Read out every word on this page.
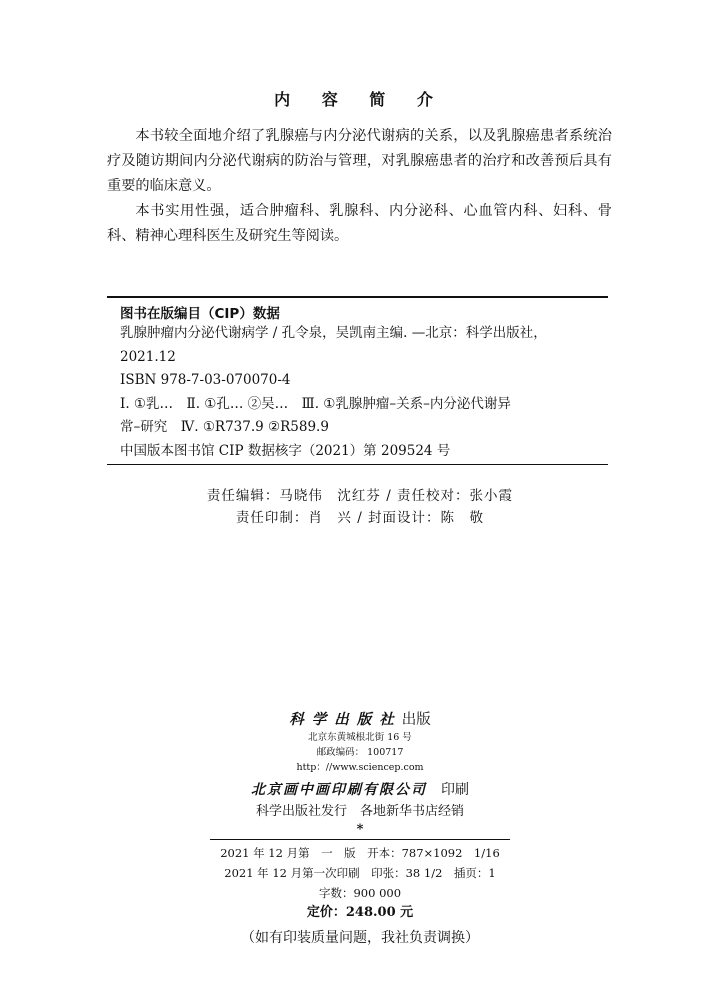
内 容 简 介

本书较全面地介绍了乳腺癌与内分泌代谢病的关系，以及乳腺癌患者系统治疗及随访期间内分泌代谢病的防治与管理，对乳腺癌患者的治疗和改善预后具有重要的临床意义。

本书实用性强，适合肿瘤科、乳腺科、内分泌科、心血管内科、妇科、骨科、精神心理科医生及研究生等阅读。

图书在版编目（CIP）数据
乳腺肿瘤内分泌代谢病学 / 孔令泉，吴凯南主编. —北京：科学出版社，
2021.12
ISBN 978-7-03-070070-4
Ⅰ. ①乳…　Ⅱ. ①孔… ②吴…　Ⅲ. ①乳腺肿瘤–关系–内分泌代谢异
常–研究　Ⅳ. ①R737.9 ②R589.9
中国版本图书馆 CIP 数据核字（2021）第 209524 号
责任编辑：马晓伟　沈红芬 / 责任校对：张小霞
责任印制：肖　兴 / 封面设计：陈　敬
科学出版社出版
北京东黄城根北街 16 号
邮政编码： 100717
http：//www.sciencep.com
北京画中画印刷有限公司 印刷
科学出版社发行　各地新华书店经销
*
2021 年 12 月第　一　版　开本：787×1092　1/16
2021 年 12 月第一次印刷　印张：38 1/2　插页：1
字数：900 000
定价：248.00 元
（如有印装质量问题，我社负责调换）
